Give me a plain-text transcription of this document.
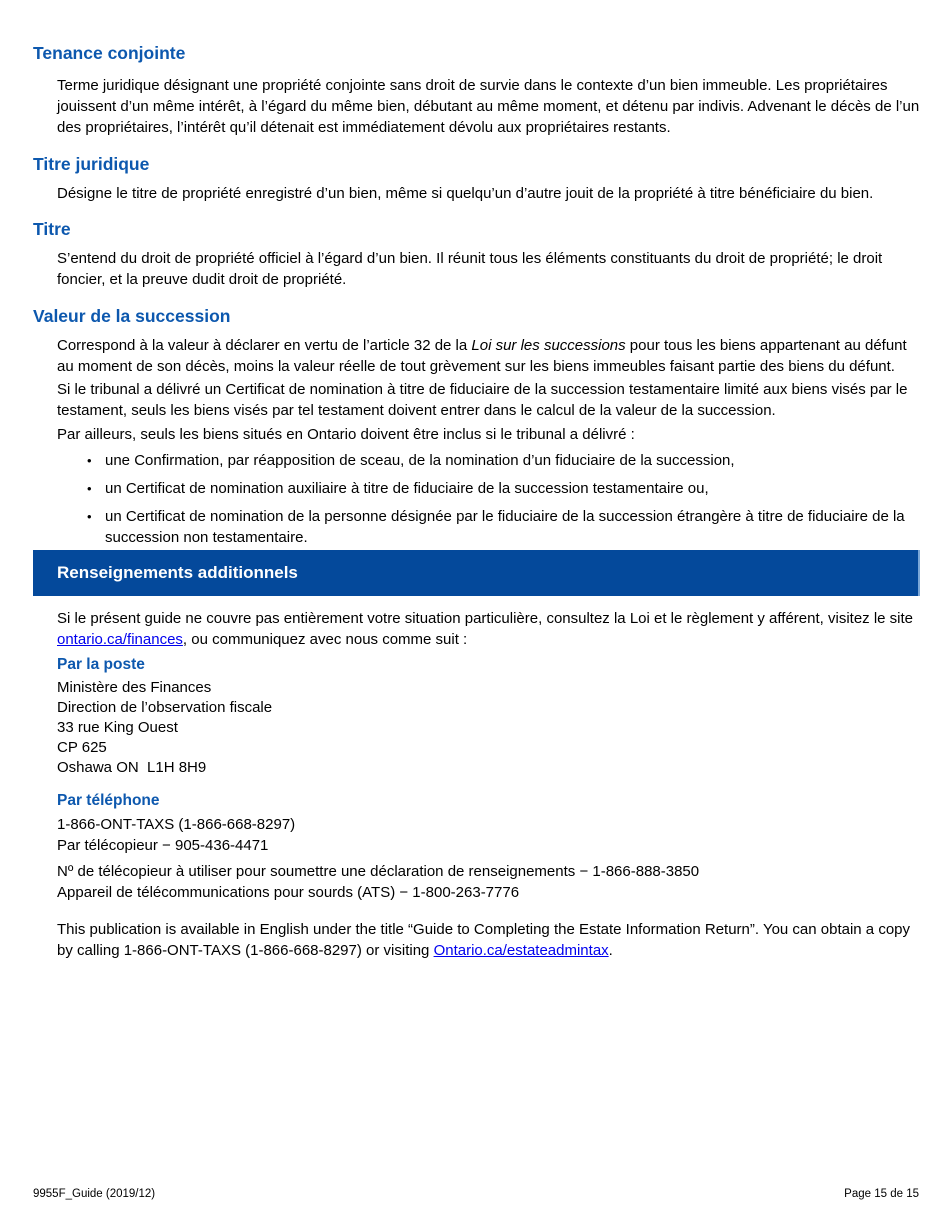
Tenance conjointe

Terme juridique désignant une propriété conjointe sans droit de survie dans le contexte d’un bien immeuble. Les propriétaires jouissent d’un même intérêt, à l’égard du même bien, débutant au même moment, et détenu par indivis. Advenant le décès de l’un des propriétaires, l’intérêt qu’il détenait est immédiatement dévolu aux propriétaires restants.

Titre juridique

Désigne le titre de propriété enregistré d’un bien, même si quelqu’un d’autre jouit de la propriété à titre bénéficiaire du bien.

Titre

S’entend du droit de propriété officiel à l’égard d’un bien. Il réunit tous les éléments constituants du droit de propriété; le droit foncier, et la preuve dudit droit de propriété.

Valeur de la succession

Correspond à la valeur à déclarer en vertu de l’article 32 de la Loi sur les successions pour tous les biens appartenant au défunt au moment de son décès, moins la valeur réelle de tout grèvement sur les biens immeubles faisant partie des biens du défunt.

Si le tribunal a délivré un Certificat de nomination à titre de fiduciaire de la succession testamentaire limité aux biens visés par le testament, seuls les biens visés par tel testament doivent entrer dans le calcul de la valeur de la succession.

Par ailleurs, seuls les biens situés en Ontario doivent être inclus si le tribunal a délivré :

• une Confirmation, par réapposition de sceau, de la nomination d’un fiduciaire de la succession,
• un Certificat de nomination auxiliaire à titre de fiduciaire de la succession testamentaire ou,
• un Certificat de nomination de la personne désignée par le fiduciaire de la succession étrangère à titre de fiduciaire de la succession non testamentaire.
Renseignements additionnels

Si le présent guide ne couvre pas entièrement votre situation particulière, consultez la Loi et le règlement y afférent, visitez le site ontario.ca/finances, ou communiquez avec nous comme suit :

Par la poste
Ministère des Finances
Direction de l’observation fiscale
33 rue King Ouest
CP 625
Oshawa ON  L1H 8H9
Par téléphone
1-866-ONT-TAXS (1-866-668-8297)
Par télécopieur − 905-436-4471
Nº de télécopieur à utiliser pour soumettre une déclaration de renseignements − 1-866-888-3850
Appareil de télécommunications pour sourds (ATS) − 1-800-263-7776

This publication is available in English under the title “Guide to Completing the Estate Information Return”. You can obtain a copy by calling 1-866-ONT-TAXS (1-866-668-8297) or visiting Ontario.ca/estateadmintax.

9955F_Guide (2019/12)	Page 15 de 15
